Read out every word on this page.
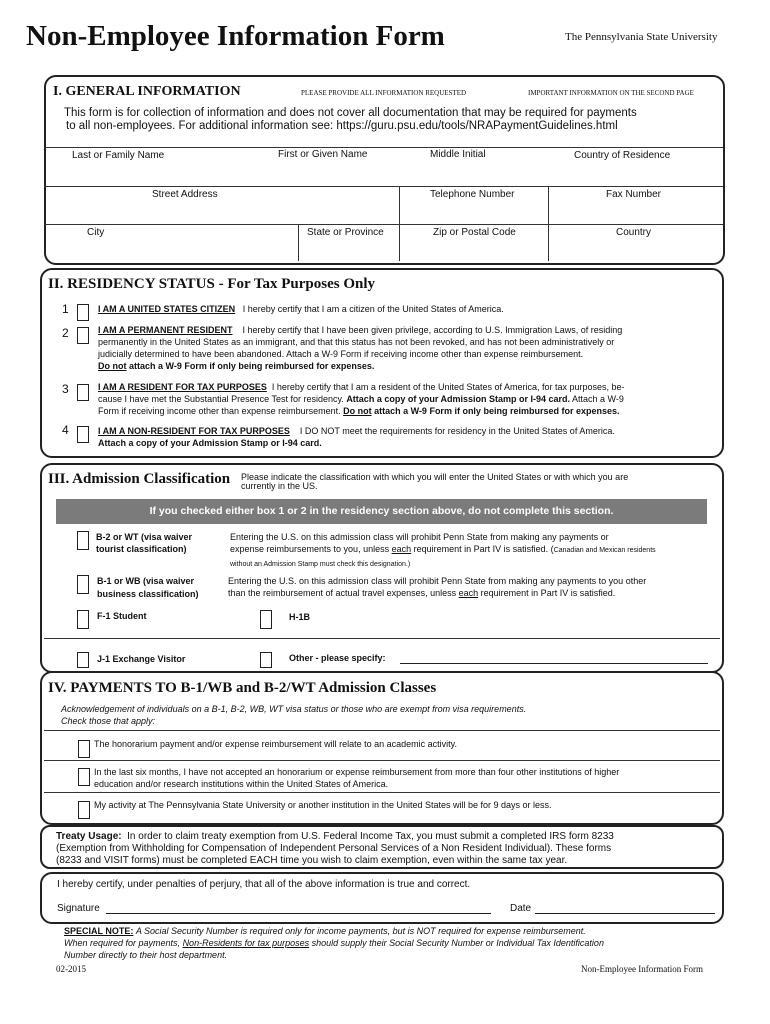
Non-Employee Information Form	The Pennsylvania State University
I. GENERAL INFORMATION	PLEASE PROVIDE ALL INFORMATION REQUESTED	IMPORTANT INFORMATION ON THE SECOND PAGE
This form is for collection of information and does not cover all documentation that may be required for payments
to all non-employees. For additional information see: https://guru.psu.edu/tools/NRAPaymentGuidelines.html
Last or Family Name	First or Given Name	Middle Initial	Country of Residence
Street Address	Telephone Number	Fax Number
City	State or Province	Zip or Postal Code	Country
II. RESIDENCY STATUS - For Tax Purposes Only
1	I AM A UNITED STATES CITIZEN I hereby certify that I am a citizen of the United States of America.
2	I AM A PERMANENT RESIDENT I hereby certify that I have been given privilege, according to U.S. Immigration Laws, of residing
permanently in the United States as an immigrant, and that this status has not been revoked, and has not been administratively or
judicially determined to have been abandoned. Attach a W-9 Form if receiving income other than expense reimbursement.
Do not attach a W-9 Form if only being reimbursed for expenses.
3	I AM A RESIDENT FOR TAX PURPOSES I hereby certify that I am a resident of the United States of America, for tax purposes, be-
cause I have met the Substantial Presence Test for residency. Attach a copy of your Admission Stamp or I-94 card. Attach a W-9
Form if receiving income other than expense reimbursement. Do not attach a W-9 Form if only being reimbursed for expenses.
4	I AM A NON-RESIDENT FOR TAX PURPOSES I DO NOT meet the requirements for residency in the United States of America.
Attach a copy of your Admission Stamp or I-94 card.
III. Admission Classification Please indicate the classification with which you will enter the United States or with which you are
currently in the US.
If you checked either box 1 or 2 in the residency section above, do not complete this section.
B-2 or WT (visa waiver
tourist classification)
Entering the U.S. on this admission class will prohibit Penn State from making any payments or
expense reimbursements to you, unless each requirement in Part IV is satisfied. (Canadian and Mexican residents
without an Admission Stamp must check this designation.)
B-1 or WB (visa waiver
business classification)
Entering the U.S. on this admission class will prohibit Penn State from making any payments to you other
than the reimbursement of actual travel expenses, unless each requirement in Part IV is satisfied.
F-1 Student	H-1B
J-1 Exchange Visitor	Other - please specify:
IV. PAYMENTS TO B-1/WB and B-2/WT Admission Classes
Acknowledgement of individuals on a B-1, B-2, WB, WT visa status or those who are exempt from visa requirements.
Check those that apply:
The honorarium payment and/or expense reimbursement will relate to an academic activity.
In the last six months, I have not accepted an honorarium or expense reimbursement from more than four other institutions of higher
education and/or research institutions within the United States of America.
My activity at The Pennsylvania State University or another institution in the United States will be for 9 days or less.
Treaty Usage: In order to claim treaty exemption from U.S. Federal Income Tax, you must submit a completed IRS form 8233
(Exemption from Withholding for Compensation of Independent Personal Services of a Non Resident Individual). These forms
(8233 and VISIT forms) must be completed EACH time you wish to claim exemption, even within the same tax year.
I hereby certify, under penalties of perjury, that all of the above information is true and correct.
Signature	Date
SPECIAL NOTE: A Social Security Number is required only for income payments, but is NOT required for expense reimbursement.
When required for payments, Non-Residents for tax purposes should supply their Social Security Number or Individual Tax Identification
Number directly to their host department.
02-2015	Non-Employee Information Form
